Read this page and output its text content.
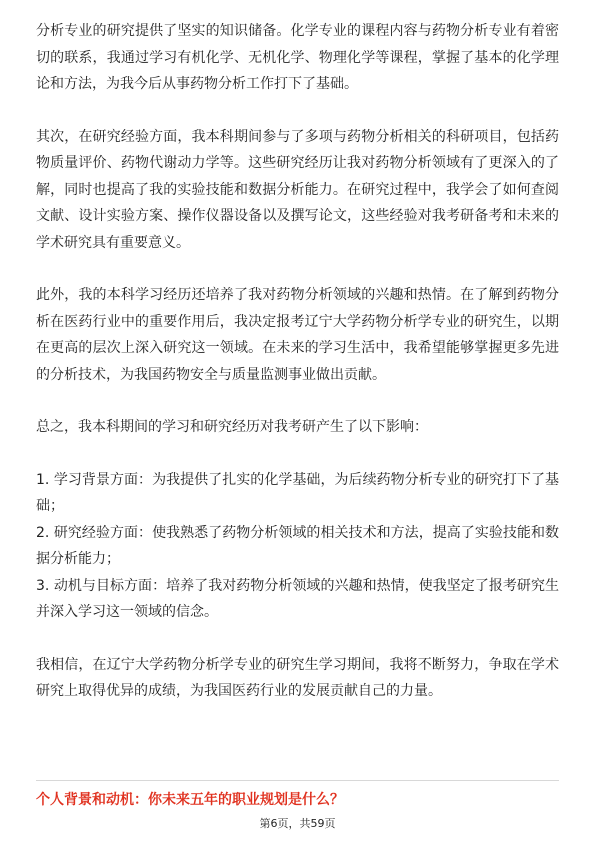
分析专业的研究提供了坚实的知识储备。化学专业的课程内容与药物分析专业有着密切的联系，我通过学习有机化学、无机化学、物理化学等课程，掌握了基本的化学理论和方法，为我今后从事药物分析工作打下了基础。

其次，在研究经验方面，我本科期间参与了多项与药物分析相关的科研项目，包括药物质量评价、药物代谢动力学等。这些研究经历让我对药物分析领域有了更深入的了解，同时也提高了我的实验技能和数据分析能力。在研究过程中，我学会了如何查阅文献、设计实验方案、操作仪器设备以及撰写论文，这些经验对我考研备考和未来的学术研究具有重要意义。

此外，我的本科学习经历还培养了我对药物分析领域的兴趣和热情。在了解到药物分析在医药行业中的重要作用后，我决定报考辽宁大学药物分析学专业的研究生，以期在更高的层次上深入研究这一领域。在未来的学习生活中，我希望能够掌握更多先进的分析技术，为我国药物安全与质量监测事业做出贡献。

总之，我本科期间的学习和研究经历对我考研产生了以下影响：

1. 学习背景方面：为我提供了扎实的化学基础，为后续药物分析专业的研究打下了基础；
2. 研究经验方面：使我熟悉了药物分析领域的相关技术和方法，提高了实验技能和数据分析能力；
3. 动机与目标方面：培养了我对药物分析领域的兴趣和热情，使我坚定了报考研究生并深入学习这一领域的信念。

我相信，在辽宁大学药物分析学专业的研究生学习期间，我将不断努力，争取在学术研究上取得优异的成绩，为我国医药行业的发展贡献自己的力量。

个人背景和动机：你未来五年的职业规划是什么？
第6页，共59页
